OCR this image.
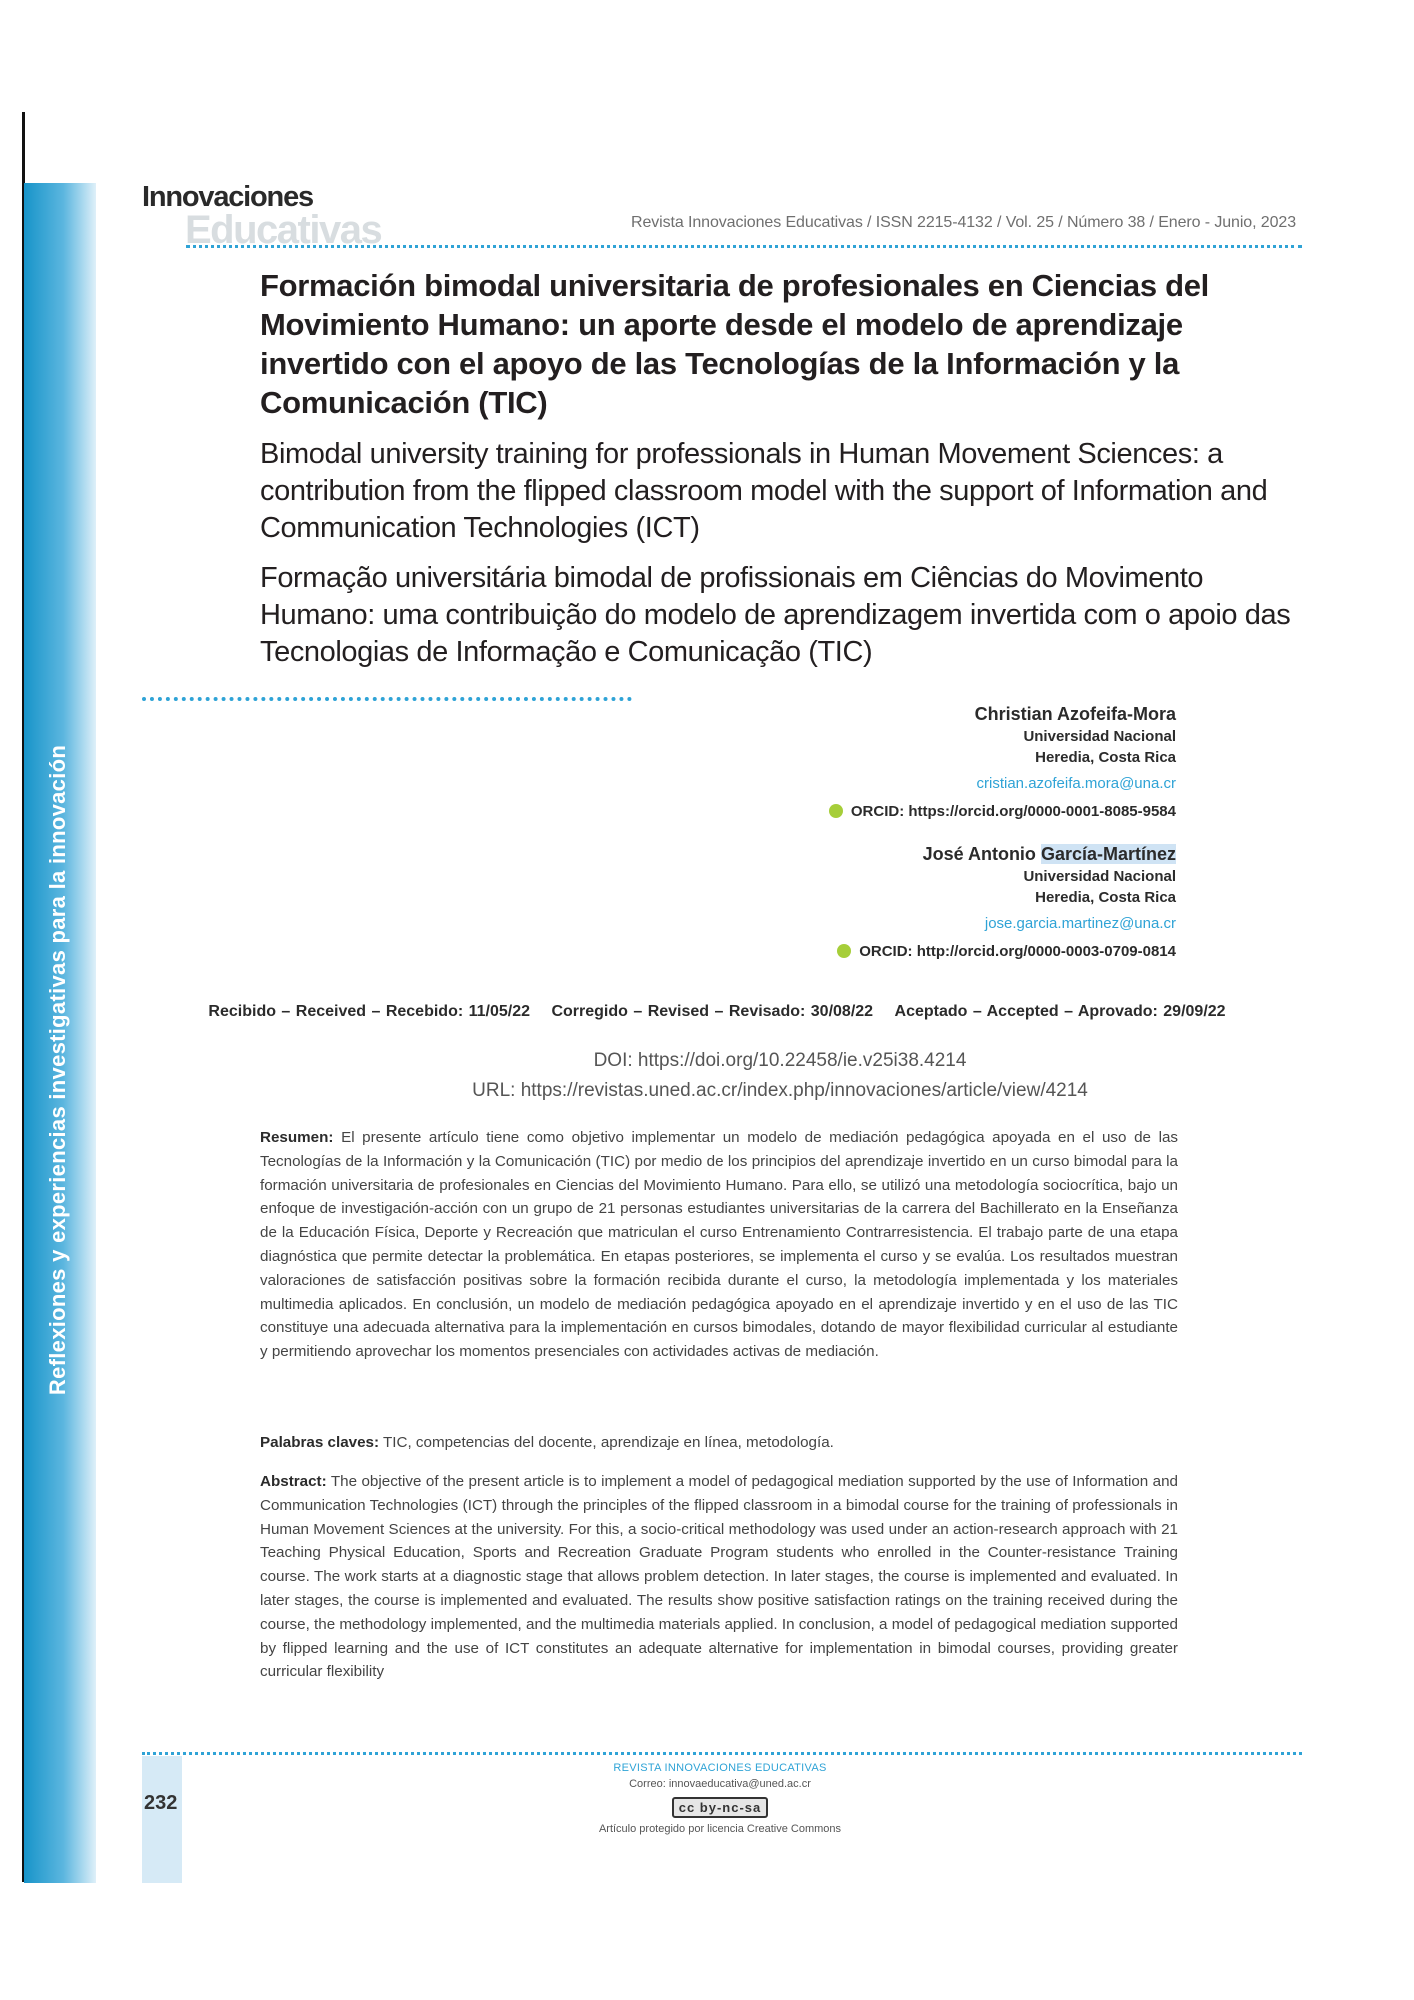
Reflexiones y experiencias investigativas para la innovación
Innovaciones
Educativas	Revista Innovaciones Educativas / ISSN 2215-4132 / Vol. 25 / Número 38 / Enero - Junio, 2023
Formación bimodal universitaria de profesionales en Ciencias del Movimiento Humano: un aporte desde el modelo de aprendizaje invertido con el apoyo de las Tecnologías de la Información y la Comunicación (TIC)
Bimodal university training for professionals in Human Movement Sciences: a contribution from the flipped classroom model with the support of Information and Communication Technologies (ICT)
Formação universitária bimodal de profissionais em Ciências do Movimento Humano: uma contribuição do modelo de aprendizagem invertida com o apoio das Tecnologias de Informação e Comunicação (TIC)
Christian Azofeifa-Mora
Universidad Nacional
Heredia, Costa Rica
cristian.azofeifa.mora@una.cr
ORCID: https://orcid.org/0000-0001-8085-9584
José Antonio García-Martínez
Universidad Nacional
Heredia, Costa Rica
jose.garcia.martinez@una.cr
ORCID: http://orcid.org/0000-0003-0709-0814
Recibido – Received – Recebido: 11/05/22 Corregido – Revised – Revisado: 30/08/22 Aceptado – Accepted – Aprovado: 29/09/22
DOI: https://doi.org/10.22458/ie.v25i38.4214
URL: https://revistas.uned.ac.cr/index.php/innovaciones/article/view/4214

Resumen: El presente artículo tiene como objetivo implementar un modelo de mediación pedagógica apoyada en el uso de las Tecnologías de la Información y la Comunicación (TIC) por medio de los principios del aprendizaje invertido en un curso bimodal para la formación universitaria de profesionales en Ciencias del Movimiento Humano. Para ello, se utilizó una metodología sociocrítica, bajo un enfoque de investigación-acción con un grupo de 21 personas estudiantes universitarias de la carrera del Bachillerato en la Enseñanza de la Educación Física, Deporte y Recreación que matriculan el curso Entrenamiento Contrarresistencia. El trabajo parte de una etapa diagnóstica que permite detectar la problemática. En etapas posteriores, se implementa el curso y se evalúa. Los resultados muestran valoraciones de satisfacción positivas sobre la formación recibida durante el curso, la metodología implementada y los materiales multimedia aplicados. En conclusión, un modelo de mediación pedagógica apoyado en el aprendizaje invertido y en el uso de las TIC constituye una adecuada alternativa para la implementación en cursos bimodales, dotando de mayor flexibilidad curricular al estudiante y permitiendo aprovechar los momentos presenciales con actividades activas de mediación.

Palabras claves: TIC, competencias del docente, aprendizaje en línea, metodología.

Abstract: The objective of the present article is to implement a model of pedagogical mediation supported by the use of Information and Communication Technologies (ICT) through the principles of the flipped classroom in a bimodal course for the training of professionals in Human Movement Sciences at the university. For this, a socio-critical methodology was used under an action-research approach with 21 Teaching Physical Education, Sports and Recreation Graduate Program students who enrolled in the Counter-resistance Training course. The work starts at a diagnostic stage that allows problem detection. In later stages, the course is implemented and evaluated. In later stages, the course is implemented and evaluated. The results show positive satisfaction ratings on the training received during the course, the methodology implemented, and the multimedia materials applied. In conclusion, a model of pedagogical mediation supported by flipped learning and the use of ICT constitutes an adequate alternative for implementation in bimodal courses, providing greater curricular flexibility

232
REVISTA INNOVACIONES EDUCATIVAS
Correo: innovaeducativa@uned.ac.cr
cc by-nc-sa
Artículo protegido por licencia Creative Commons
